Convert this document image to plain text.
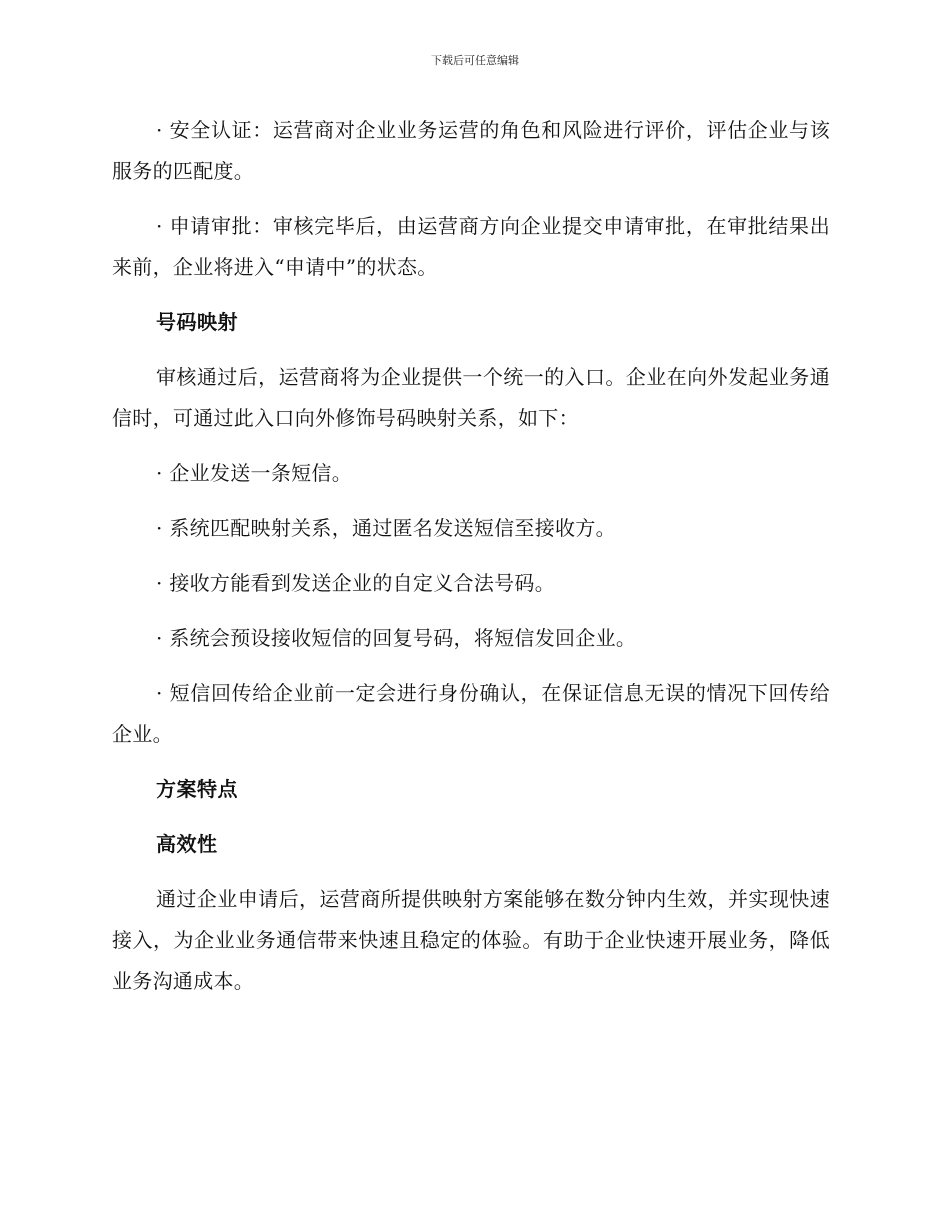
下载后可任意编辑

· 安全认证：运营商对企业业务运营的角色和风险进行评价，评估企业与该服务的匹配度。

· 申请审批：审核完毕后，由运营商方向企业提交申请审批，在审批结果出来前，企业将进入“申请中”的状态。

号码映射

审核通过后，运营商将为企业提供一个统一的入口。企业在向外发起业务通信时，可通过此入口向外修饰号码映射关系，如下：

· 企业发送一条短信。

· 系统匹配映射关系，通过匿名发送短信至接收方。

· 接收方能看到发送企业的自定义合法号码。

· 系统会预设接收短信的回复号码，将短信发回企业。

· 短信回传给企业前一定会进行身份确认，在保证信息无误的情况下回传给企业。

方案特点

高效性

通过企业申请后，运营商所提供映射方案能够在数分钟内生效，并实现快速接入，为企业业务通信带来快速且稳定的体验。有助于企业快速开展业务，降低业务沟通成本。
